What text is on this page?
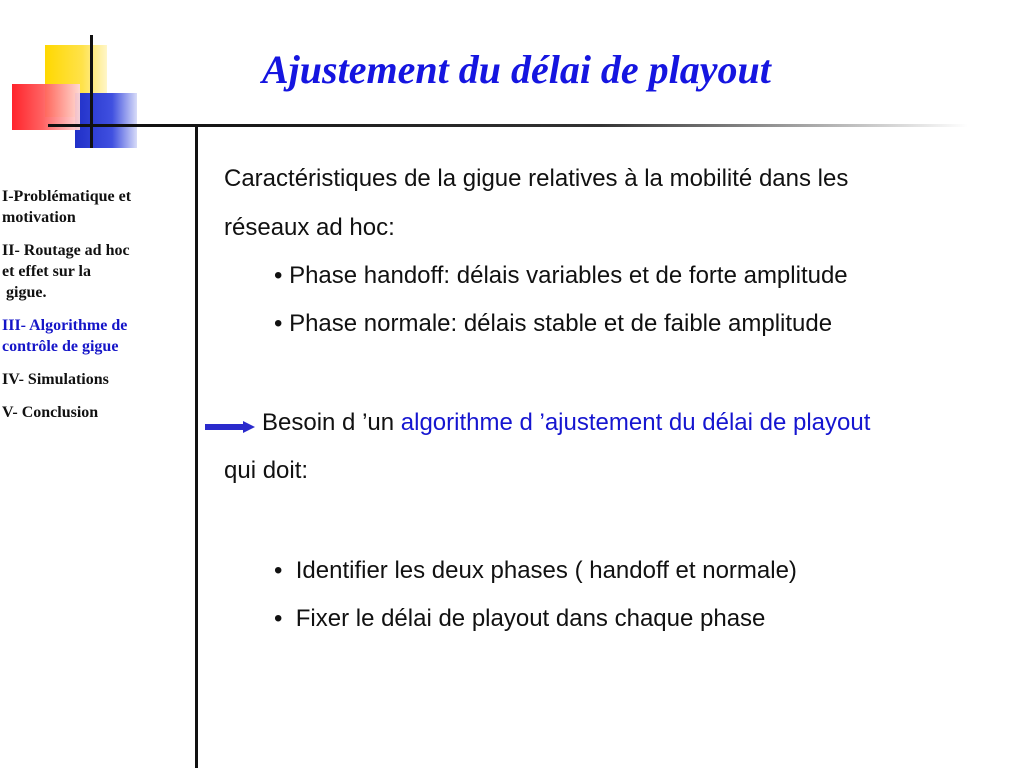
Ajustement du délai de playout
I-Problématique et
motivation
II- Routage ad hoc
et effet sur la
gigue.
III- Algorithme de
contrôle de gigue
IV- Simulations
V- Conclusion
Caractéristiques de la gigue relatives à la mobilité dans les
réseaux ad hoc:
• Phase handoff: délais variables et de forte amplitude
• Phase normale: délais stable et de faible amplitude
Besoin d ’un algorithme d ’ajustement du délai de playout
qui doit:
•  Identifier les deux phases ( handoff et normale)
•  Fixer le délai de playout dans chaque phase
